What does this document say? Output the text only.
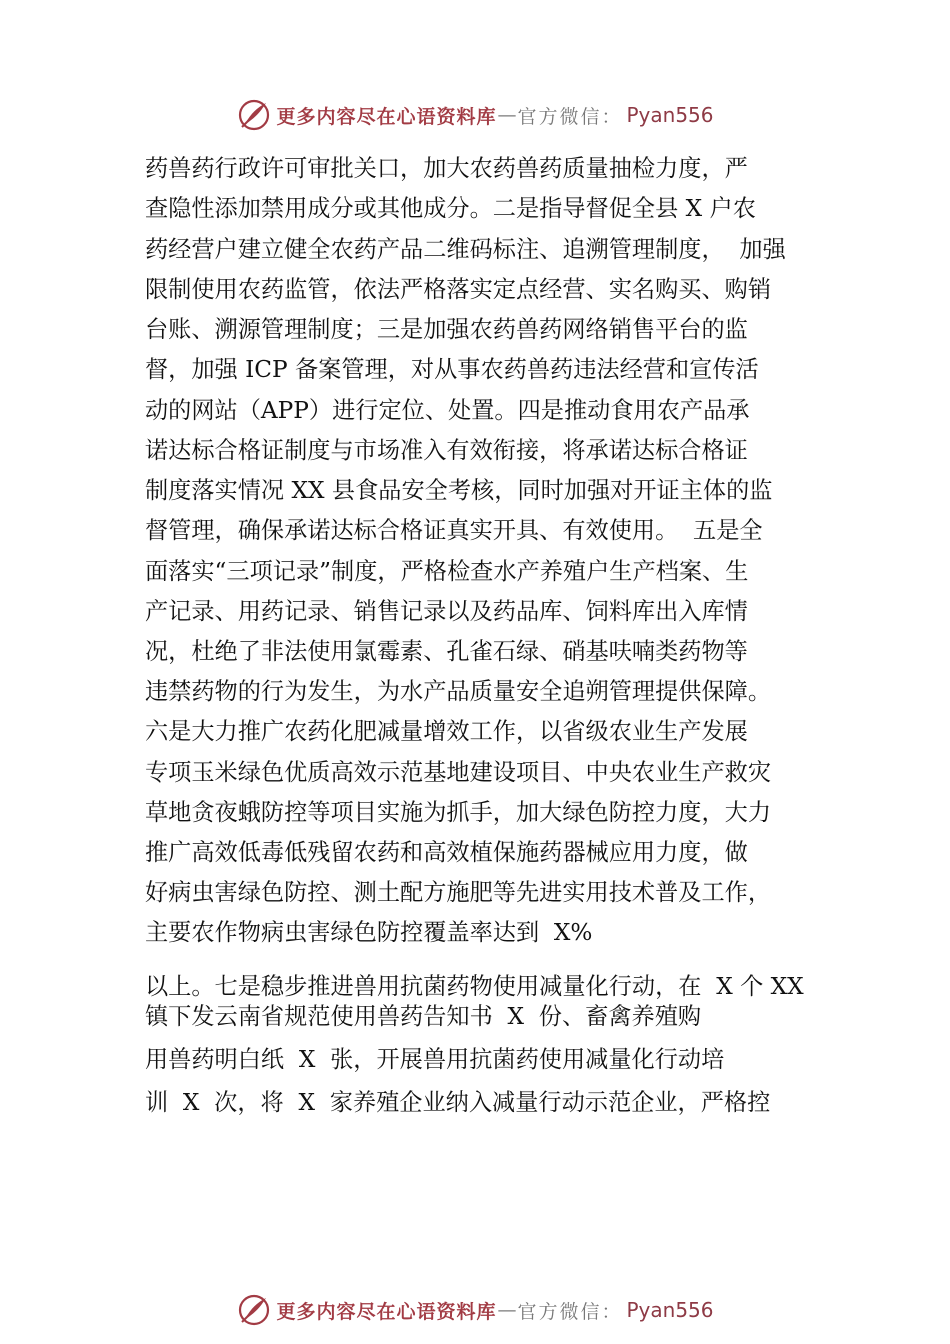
更多内容尽在心语资料库 — 官方微信： Pyan556
药兽药行政许可审批关口，加大农药兽药质量抽检力度，严
查隐性添加禁用成分或其他成分。二是指导督促全县 X 户农
药经营户建立健全农药产品二维码标注、追溯管理制度，  加强
限制使用农药监管，依法严格落实定点经营、实名购买、购销
台账、溯源管理制度；三是加强农药兽药网络销售平台的监
督，加强 ICP 备案管理，对从事农药兽药违法经营和宣传活
动的网站（APP）进行定位、处置。四是推动食用农产品承
诺达标合格证制度与市场准入有效衔接，将承诺达标合格证
制度落实情况 XX 县食品安全考核，同时加强对开证主体的监
督管理，确保承诺达标合格证真实开具、有效使用。  五是全
面落实“三项记录”制度，严格检查水产养殖户生产档案、生
产记录、用药记录、销售记录以及药品库、饲料库出入库情
况，杜绝了非法使用氯霉素、孔雀石绿、硝基呋喃类药物等
违禁药物的行为发生，为水产品质量安全追朔管理提供保障。
六是大力推广农药化肥减量增效工作，以省级农业生产发展
专项玉米绿色优质高效示范基地建设项目、中央农业生产救灾
草地贪夜蛾防控等项目实施为抓手，加大绿色防控力度，大力
推广高效低毒低残留农药和高效植保施药器械应用力度，做
好病虫害绿色防控、测土配方施肥等先进实用技术普及工作，
主要农作物病虫害绿色防控覆盖率达到  X%
以上。七是稳步推进兽用抗菌药物使用减量化行动，在  X 个 XX
镇下发云南省规范使用兽药告知书  X  份、畜禽养殖购
用兽药明白纸  X  张，开展兽用抗菌药使用减量化行动培
训  X  次，将  X  家养殖企业纳入减量行动示范企业，严格控
更多内容尽在心语资料库 — 官方微信： Pyan556
